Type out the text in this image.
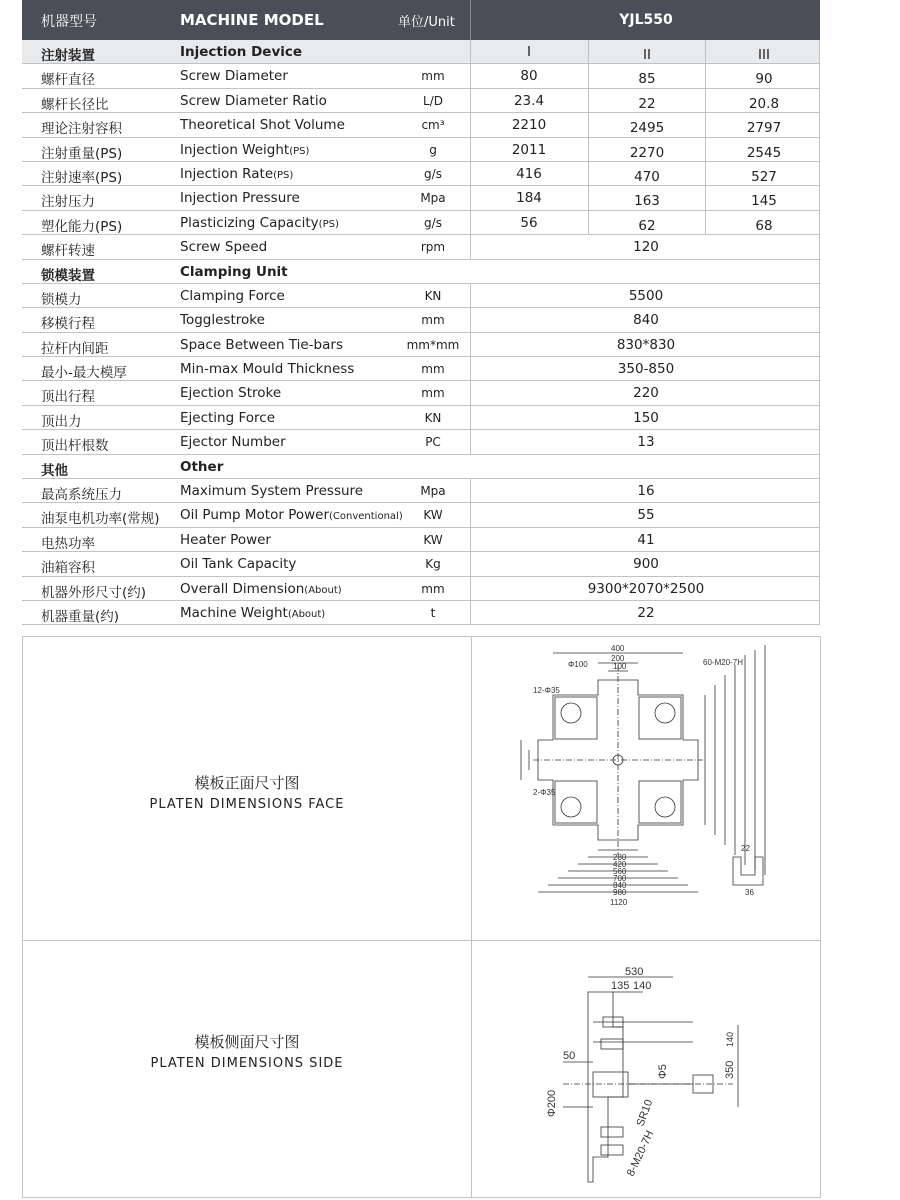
机器型号	MACHINE MODEL	单位/Unit	YJL550
注射装置	Injection Device	I	II	III
螺杆直径	Screw Diameter	mm	80	85	90
螺杆长径比	Screw Diameter Ratio	L/D	23.4	22	20.8
理论注射容积	Theoretical Shot Volume	cm³	2210	2495	2797
注射重量(PS)	Injection Weight(PS)	g	2011	2270	2545
注射速率(PS)	Injection Rate(PS)	g/s	416	470	527
注射压力	Injection Pressure	Mpa	184	163	145
塑化能力(PS)	Plasticizing Capacity(PS)	g/s	56	62	68
螺杆转速	Screw Speed	rpm	120
锁模装置	Clamping Unit
锁模力	Clamping Force	KN	5500
移模行程	Togglestroke	mm	840
拉杆内间距	Space Between Tie-bars	mm*mm	830*830
最小-最大模厚	Min-max Mould Thickness	mm	350-850
顶出行程	Ejection Stroke	mm	220
顶出力	Ejecting Force	KN	150
顶出杆根数	Ejector Number	PC	13
其他	Other
最高系统压力	Maximum System Pressure	Mpa	16
油泵电机功率(常规) Oil Pump Motor Power(Conventional)	KW	55
电热功率	Heater Power	KW	41
油箱容积	Oil Tank Capacity	Kg	900
机器外形尺寸(约)	Overall Dimension(About)	mm	9300*2070*2500
机器重量(约)	Machine Weight(About)	t	22
模板正面尺寸图
PLATEN DIMENSIONS FACE
模板侧面尺寸图
PLATEN DIMENSIONS SIDE
400
200
100	60-M20-7H
Φ100
12-Φ35
2-Φ35
280
420
560
700
840
980
1120
22
36
530
135 140
50
Φ200
Φ5	350
140
SR10
8-M20-7H
